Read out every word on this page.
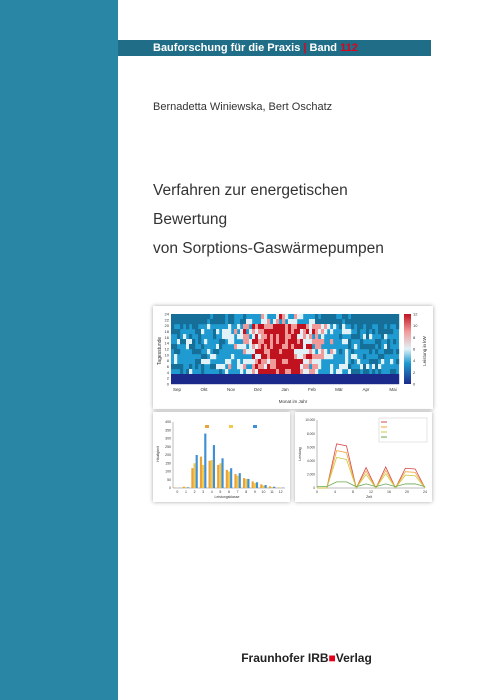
Bauforschung für die Praxis | Band 112
Bernadetta Winiewska, Bert Oschatz
Verfahren zur energetischen Bewertung
von Sorptions-Gaswärmepumpen
24
22
20
18
16
14
12
10
8
6
4
2
0
Sep	Okt	Nov	Dez	Jan	Feb	Mär	Apr	Mai
12
10
8
6
4
2
0
Tagesstunde
Monat im Jahr
Leistung in kW
400
350
300
250
200
150
100
50
0
0 1 2 3 4 5 6 7 8 9 10 11 12
Häufigkeit
Leistungsklasse
10.000
8.000
6.000
4.000
2.000
0
0	4	8	12	16	20	24
Leistung
Zeit
Fraunhofer IRB■Verlag
